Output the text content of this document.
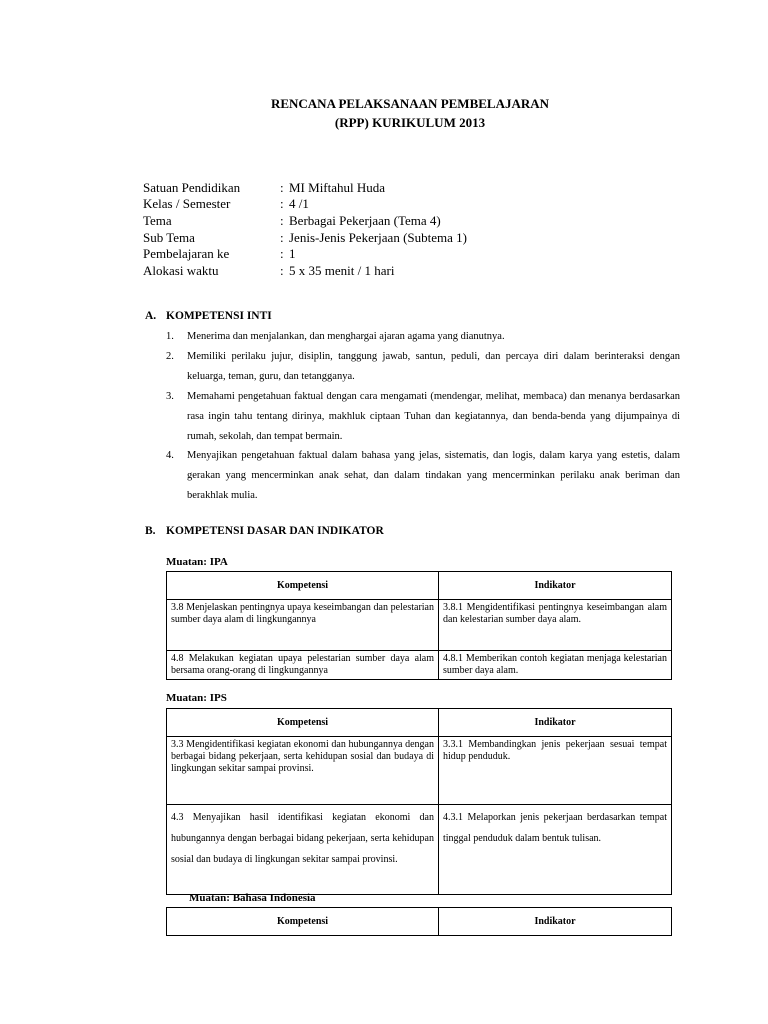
RENCANA PELAKSANAAN PEMBELAJARAN
(RPP) KURIKULUM 2013
Satuan Pendidikan	: MI Miftahul Huda
Kelas / Semester	: 4 /1
Tema	: Berbagai Pekerjaan (Tema 4)
Sub Tema	: Jenis-Jenis Pekerjaan (Subtema 1)
Pembelajaran ke	: 1
Alokasi waktu	: 5 x 35 menit / 1 hari
A. KOMPETENSI INTI
1. Menerima dan menjalankan, dan menghargai ajaran agama yang dianutnya.
2. Memiliki perilaku jujur, disiplin, tanggung jawab, santun, peduli, dan percaya diri dalam berinteraksi dengan keluarga, teman, guru, dan tetangganya.
3. Memahami pengetahuan faktual dengan cara mengamati (mendengar, melihat, membaca) dan menanya berdasarkan rasa ingin tahu tentang dirinya, makhluk ciptaan Tuhan dan kegiatannya, dan benda-benda yang dijumpainya di rumah, sekolah, dan tempat bermain.
4. Menyajikan pengetahuan faktual dalam bahasa yang jelas, sistematis, dan logis, dalam karya yang estetis, dalam gerakan yang mencerminkan anak sehat, dan dalam tindakan yang mencerminkan perilaku anak beriman dan berakhlak mulia.
B. KOMPETENSI DASAR DAN INDIKATOR
Muatan: IPA
Kompetensi	Indikator
3.8 Menjelaskan pentingnya upaya keseimbangan dan pelestarian sumber daya alam di lingkungannya	3.8.1 Mengidentifikasi pentingnya keseimbangan alam dan kelestarian sumber daya alam.
4.8 Melakukan kegiatan upaya pelestarian sumber daya alam bersama orang-orang di lingkungannya	4.8.1 Memberikan contoh kegiatan menjaga kelestarian sumber daya alam.
Muatan: IPS
Kompetensi	Indikator
3.3 Mengidentifikasi kegiatan ekonomi dan hubungannya dengan berbagai bidang pekerjaan, serta kehidupan sosial dan budaya di lingkungan sekitar sampai provinsi.	3.3.1 Membandingkan jenis pekerjaan sesuai tempat hidup penduduk.
4.3 Menyajikan hasil identifikasi kegiatan ekonomi dan hubungannya dengan berbagai bidang pekerjaan, serta kehidupan sosial dan budaya di lingkungan sekitar sampai provinsi.	4.3.1 Melaporkan jenis pekerjaan berdasarkan tempat tinggal penduduk dalam bentuk tulisan.
Muatan: Bahasa Indonesia
Kompetensi	Indikator
